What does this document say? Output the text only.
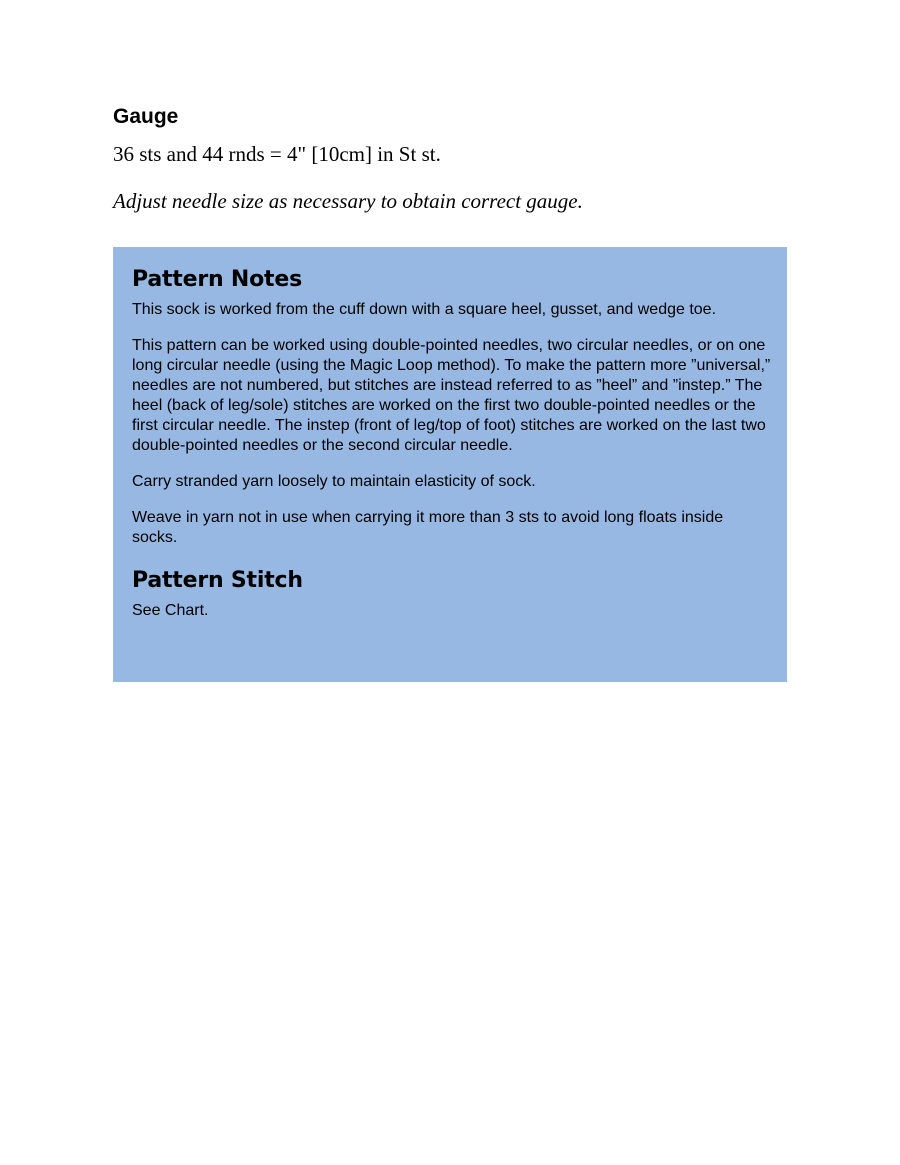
Gauge

36 sts and 44 rnds = 4" [10cm] in St st.

Adjust needle size as necessary to obtain correct gauge.

Pattern Notes

This sock is worked from the cuff down with a square heel, gusset, and wedge toe.

This pattern can be worked using double-pointed needles, two circular needles, or on one long circular needle (using the Magic Loop method). To make the pattern more ”universal,” needles are not numbered, but stitches are instead referred to as ”heel” and ”instep.” The heel (back of leg/sole) stitches are worked on the first two double-pointed needles or the first circular needle. The instep (front of leg/top of foot) stitches are worked on the last two double-pointed needles or the second circular needle.

Carry stranded yarn loosely to maintain elasticity of sock.

Weave in yarn not in use when carrying it more than 3 sts to avoid long floats inside socks.

Pattern Stitch

See Chart.
